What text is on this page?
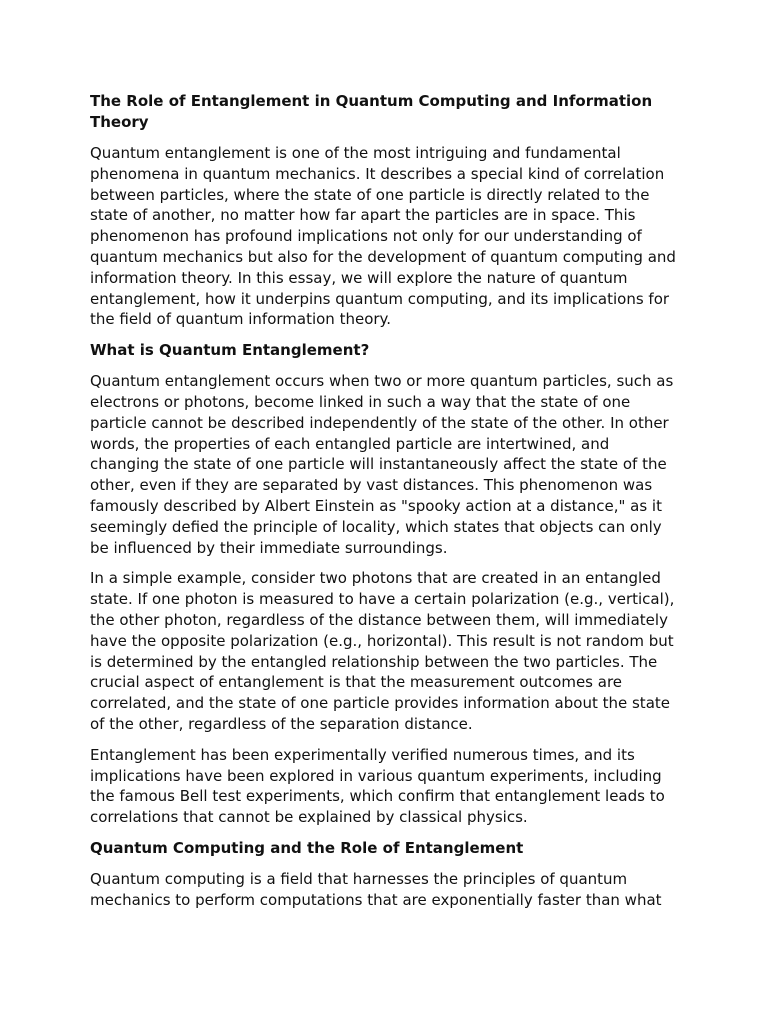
The Role of Entanglement in Quantum Computing and Information Theory

Quantum entanglement is one of the most intriguing and fundamental phenomena in quantum mechanics. It describes a special kind of correlation between particles, where the state of one particle is directly related to the state of another, no matter how far apart the particles are in space. This phenomenon has profound implications not only for our understanding of quantum mechanics but also for the development of quantum computing and information theory. In this essay, we will explore the nature of quantum entanglement, how it underpins quantum computing, and its implications for the field of quantum information theory.

What is Quantum Entanglement?

Quantum entanglement occurs when two or more quantum particles, such as electrons or photons, become linked in such a way that the state of one particle cannot be described independently of the state of the other. In other words, the properties of each entangled particle are intertwined, and changing the state of one particle will instantaneously affect the state of the other, even if they are separated by vast distances. This phenomenon was famously described by Albert Einstein as "spooky action at a distance," as it seemingly defied the principle of locality, which states that objects can only be influenced by their immediate surroundings.

In a simple example, consider two photons that are created in an entangled state. If one photon is measured to have a certain polarization (e.g., vertical), the other photon, regardless of the distance between them, will immediately have the opposite polarization (e.g., horizontal). This result is not random but is determined by the entangled relationship between the two particles. The crucial aspect of entanglement is that the measurement outcomes are correlated, and the state of one particle provides information about the state of the other, regardless of the separation distance.

Entanglement has been experimentally verified numerous times, and its implications have been explored in various quantum experiments, including the famous Bell test experiments, which confirm that entanglement leads to correlations that cannot be explained by classical physics.

Quantum Computing and the Role of Entanglement

Quantum computing is a field that harnesses the principles of quantum mechanics to perform computations that are exponentially faster than what
